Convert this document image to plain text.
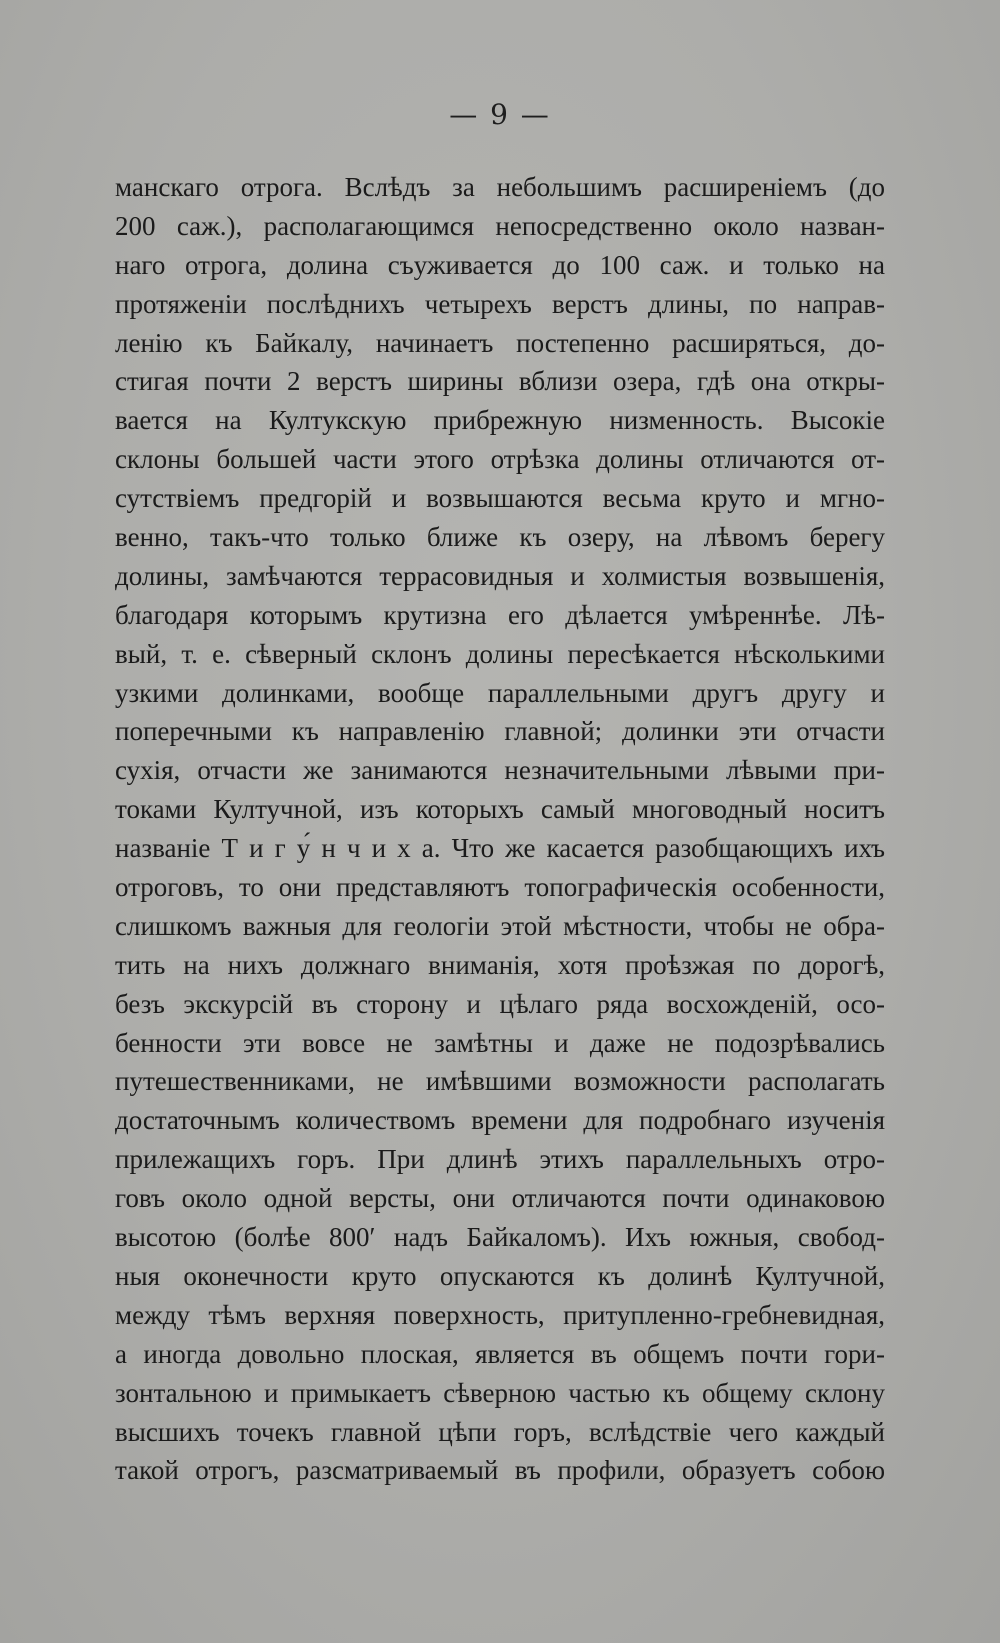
— 9 —
манскаго отрога. Вслѣдъ за небольшимъ расширеніемъ (до
200 саж.), располагающимся непосредственно около назван-
наго отрога, долина съуживается до 100 саж. и только на
протяженіи послѣднихъ четырехъ верстъ длины, по направ-
ленію къ Байкалу, начинаетъ постепенно расширяться, до-
стигая почти 2 верстъ ширины вблизи озера, гдѣ она откры-
вается на Култукскую прибрежную низменность. Высокіе
склоны большей части этого отрѣзка долины отличаются от-
сутствіемъ предгорій и возвышаются весьма круто и мгно-
венно, такъ-что только ближе къ озеру, на лѣвомъ берегу
долины, замѣчаются террасовидныя и холмистыя возвышенія,
благодаря которымъ крутизна его дѣлается умѣреннѣе. Лѣ-
вый, т. е. сѣверный склонъ долины пересѣкается нѣсколькими
узкими долинками, вообще параллельными другъ другу и
поперечными къ направленію главной; долинки эти отчасти
сухія, отчасти же занимаются незначительными лѣвыми при-
токами Култучной, изъ которыхъ самый многоводный носитъ
названіе Т и г у́ н ч и х а. Что же касается разобщающихъ ихъ
отроговъ, то они представляютъ топографическія особенности,
слишкомъ важныя для геологіи этой мѣстности, чтобы не обра-
тить на нихъ должнаго вниманія, хотя проѣзжая по дорогѣ,
безъ экскурсій въ сторону и цѣлаго ряда восхожденій, осо-
бенности эти вовсе не замѣтны и даже не подозрѣвались
путешественниками, не имѣвшими возможности располагать
достаточнымъ количествомъ времени для подробнаго изученія
прилежащихъ горъ. При длинѣ этихъ параллельныхъ отро-
говъ около одной версты, они отличаются почти одинаковою
высотою (болѣе 800′ надъ Байкаломъ). Ихъ южныя, свобод-
ныя оконечности круто опускаются къ долинѣ Култучной,
между тѣмъ верхняя поверхность, притупленно-гребневидная,
а иногда довольно плоская, является въ общемъ почти гори-
зонтальною и примыкаетъ сѣверною частью къ общему склону
высшихъ точекъ главной цѣпи горъ, вслѣдствіе чего каждый
такой отрогъ, разсматриваемый въ профили, образуетъ собою
